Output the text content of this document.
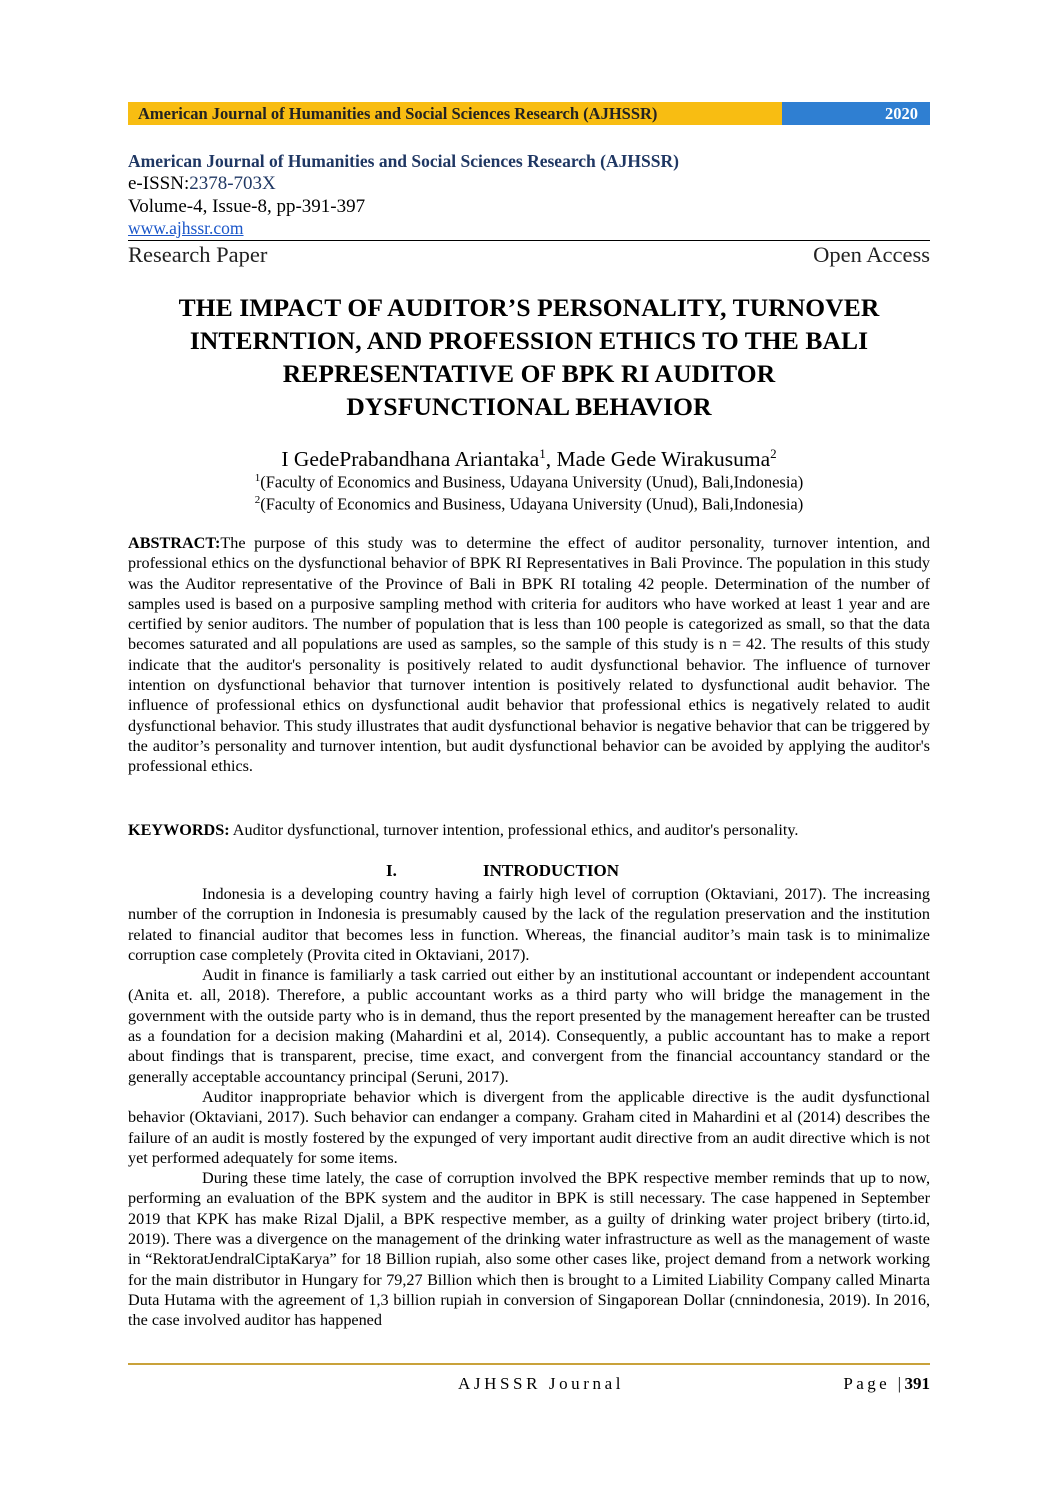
American Journal of Humanities and Social Sciences Research (AJHSSR)	2020
American Journal of Humanities and Social Sciences Research (AJHSSR)
e-ISSN:2378-703X
Volume-4, Issue-8, pp-391-397
www.ajhssr.com
Research Paper	Open Access
THE IMPACT OF AUDITOR’S PERSONALITY, TURNOVER
INTERNTION, AND PROFESSION ETHICS TO THE BALI
REPRESENTATIVE OF BPK RI AUDITOR
DYSFUNCTIONAL BEHAVIOR
I GedePrabandhana Ariantaka$^1$, Made Gede Wirakusuma$^2$
$^1$(Faculty of Economics and Business, Udayana University (Unud), Bali,Indonesia)
$^2$(Faculty of Economics and Business, Udayana University (Unud), Bali,Indonesia)
ABSTRACT:The purpose of this study was to determine the effect of auditor personality, turnover intention, and professional ethics on the dysfunctional behavior of BPK RI Representatives in Bali Province. The population in this study was the Auditor representative of the Province of Bali in BPK RI totaling 42 people. Determination of the number of samples used is based on a purposive sampling method with criteria for auditors who have worked at least 1 year and are certified by senior auditors. The number of population that is less than 100 people is categorized as small, so that the data becomes saturated and all populations are used as samples, so the sample of this study is n = 42. The results of this study indicate that the auditor's personality is positively related to audit dysfunctional behavior. The influence of turnover intention on dysfunctional behavior that turnover intention is positively related to dysfunctional audit behavior. The influence of professional ethics on dysfunctional audit behavior that professional ethics is negatively related to audit dysfunctional behavior. This study illustrates that audit dysfunctional behavior is negative behavior that can be triggered by the auditor’s personality and turnover intention, but audit dysfunctional behavior can be avoided by applying the auditor's professional ethics.
KEYWORDS: Auditor dysfunctional, turnover intention, professional ethics, and auditor's personality.
I.	INTRODUCTION

Indonesia is a developing country having a fairly high level of corruption (Oktaviani, 2017). The increasing number of the corruption in Indonesia is presumably caused by the lack of the regulation preservation and the institution related to financial auditor that becomes less in function. Whereas, the financial auditor’s main task is to minimalize corruption case completely (Provita cited in Oktaviani, 2017).

Audit in finance is familiarly a task carried out either by an institutional accountant or independent accountant (Anita et. all, 2018). Therefore, a public accountant works as a third party who will bridge the management in the government with the outside party who is in demand, thus the report presented by the management hereafter can be trusted as a foundation for a decision making (Mahardini et al, 2014). Consequently, a public accountant has to make a report about findings that is transparent, precise, time exact, and convergent from the financial accountancy standard or the generally acceptable accountancy principal (Seruni, 2017).

Auditor inappropriate behavior which is divergent from the applicable directive is the audit dysfunctional behavior (Oktaviani, 2017). Such behavior can endanger a company. Graham cited in Mahardini et al (2014) describes the failure of an audit is mostly fostered by the expunged of very important audit directive from an audit directive which is not yet performed adequately for some items.

During these time lately, the case of corruption involved the BPK respective member reminds that up to now, performing an evaluation of the BPK system and the auditor in BPK is still necessary. The case happened in September 2019 that KPK has make Rizal Djalil, a BPK respective member, as a guilty of drinking water project bribery (tirto.id, 2019). There was a divergence on the management of the drinking water infrastructure as well as the management of waste in “RektoratJendralCiptaKarya” for 18 Billion rupiah, also some other cases like, project demand from a network working for the main distributor in Hungary for 79,27 Billion which then is brought to a Limited Liability Company called Minarta Duta Hutama with the agreement of 1,3 billion rupiah in conversion of Singaporean Dollar (cnnindonesia, 2019). In 2016, the case involved auditor has happened

AJHSSR Journal	Page |391
